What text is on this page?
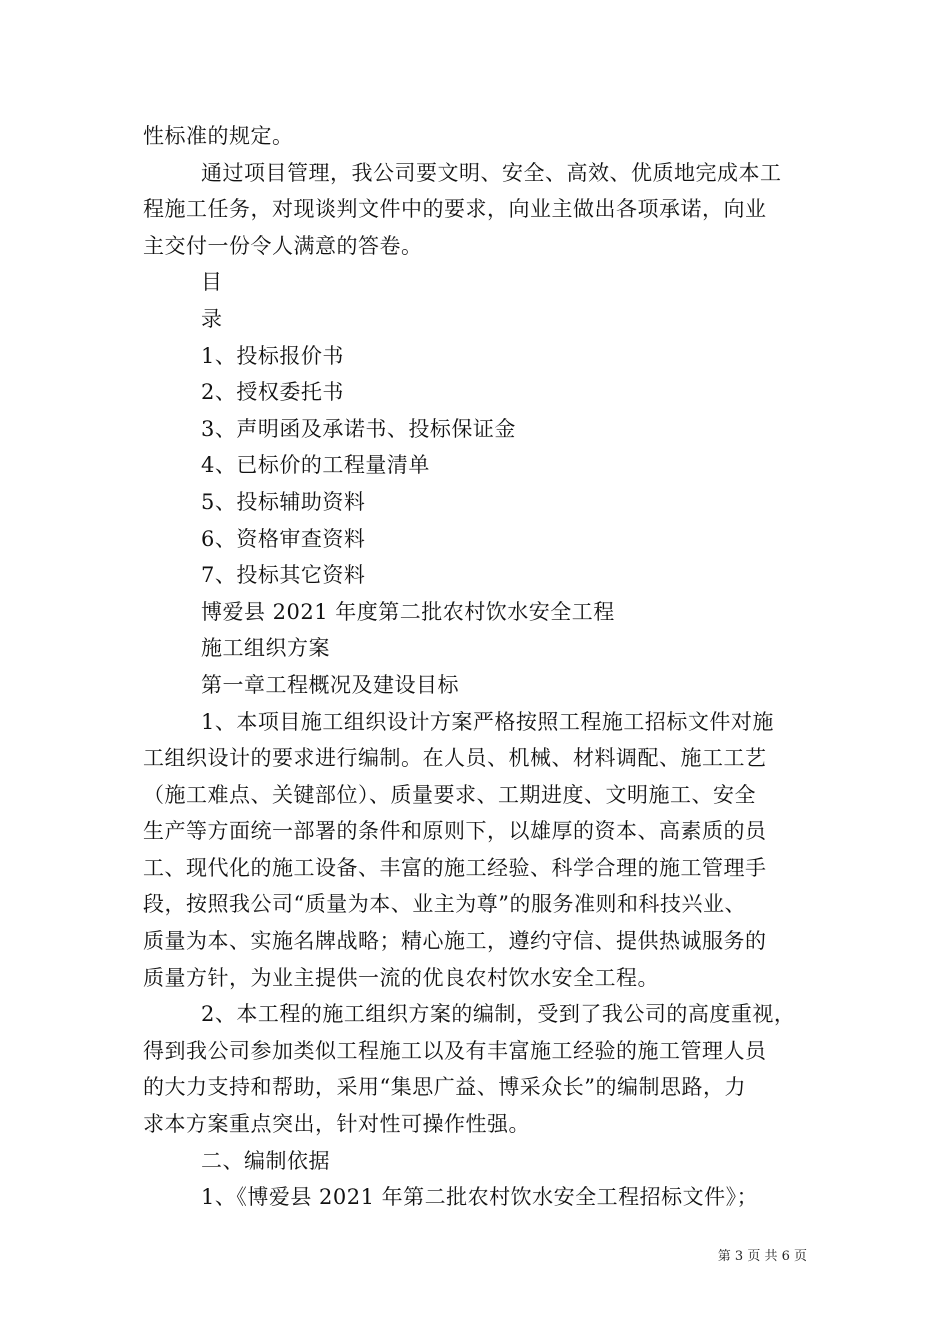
性标准的规定。
通过项目管理，我公司要文明、安全、高效、优质地完成本工
程施工任务，对现谈判文件中的要求，向业主做出各项承诺，向业
主交付一份令人满意的答卷。
目
录
1、投标报价书
2、授权委托书
3、声明函及承诺书、投标保证金
4、已标价的工程量清单
5、投标辅助资料
6、资格审查资料
7、投标其它资料
博爱县 2021 年度第二批农村饮水安全工程
施工组织方案
第一章工程概况及建设目标
1、本项目施工组织设计方案严格按照工程施工招标文件对施
工组织设计的要求进行编制。在人员、机械、材料调配、施工工艺
（施工难点、关键部位）、质量要求、工期进度、文明施工、安全
生产等方面统一部署的条件和原则下，以雄厚的资本、高素质的员
工、现代化的施工设备、丰富的施工经验、科学合理的施工管理手
段，按照我公司“质量为本、业主为尊”的服务准则和科技兴业、
质量为本、实施名牌战略；精心施工，遵约守信、提供热诚服务的
质量方针，为业主提供一流的优良农村饮水安全工程。
2、本工程的施工组织方案的编制，受到了我公司的高度重视，
得到我公司参加类似工程施工以及有丰富施工经验的施工管理人员
的大力支持和帮助，采用“集思广益、博采众长”的编制思路，力
求本方案重点突出，针对性可操作性强。
二、编制依据
1、《博爱县 2021 年第二批农村饮水安全工程招标文件》；
第 3 页 共 6 页
